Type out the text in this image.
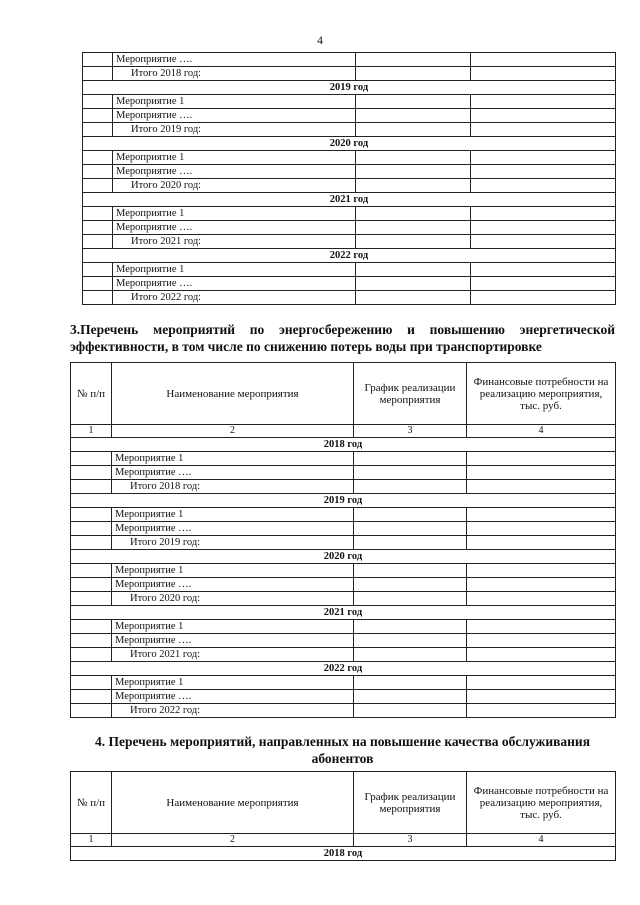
4
	Мероприятие ….		
	Итого 2018 год:		
2019 год			
	Мероприятие 1		
	Мероприятие ….		
	Итого 2019 год:		
2020 год			
	Мероприятие 1		
	Мероприятие ….		
	Итого 2020 год:		
2021 год			
	Мероприятие 1		
	Мероприятие ….		
	Итого 2021 год:		
2022 год			
	Мероприятие 1		
	Мероприятие ….		
	Итого 2022 год:		
3.Перечень мероприятий по энергосбережению и повышению энергетической эффективности, в том числе по снижению потерь воды при транспортировке
№ п/п	Наименование мероприятия	График реализации мероприятия	Финансовые потребности на реализацию мероприятия, тыс. руб.
1	2	3	4
2018 год			
	Мероприятие 1		
	Мероприятие ….		
	Итого 2018 год:		
2019 год			
	Мероприятие 1		
	Мероприятие ….		
	Итого 2019 год:		
2020 год			
	Мероприятие 1		
	Мероприятие ….		
	Итого 2020 год:		
2021 год			
	Мероприятие 1		
	Мероприятие ….		
	Итого 2021 год:		
2022 год			
	Мероприятие 1		
	Мероприятие ….		
	Итого 2022 год:		
4. Перечень мероприятий, направленных на повышение качества обслуживания абонентов
№ п/п	Наименование мероприятия	График реализации мероприятия	Финансовые потребности на реализацию мероприятия, тыс. руб.
1	2	3	4
2018 год			
